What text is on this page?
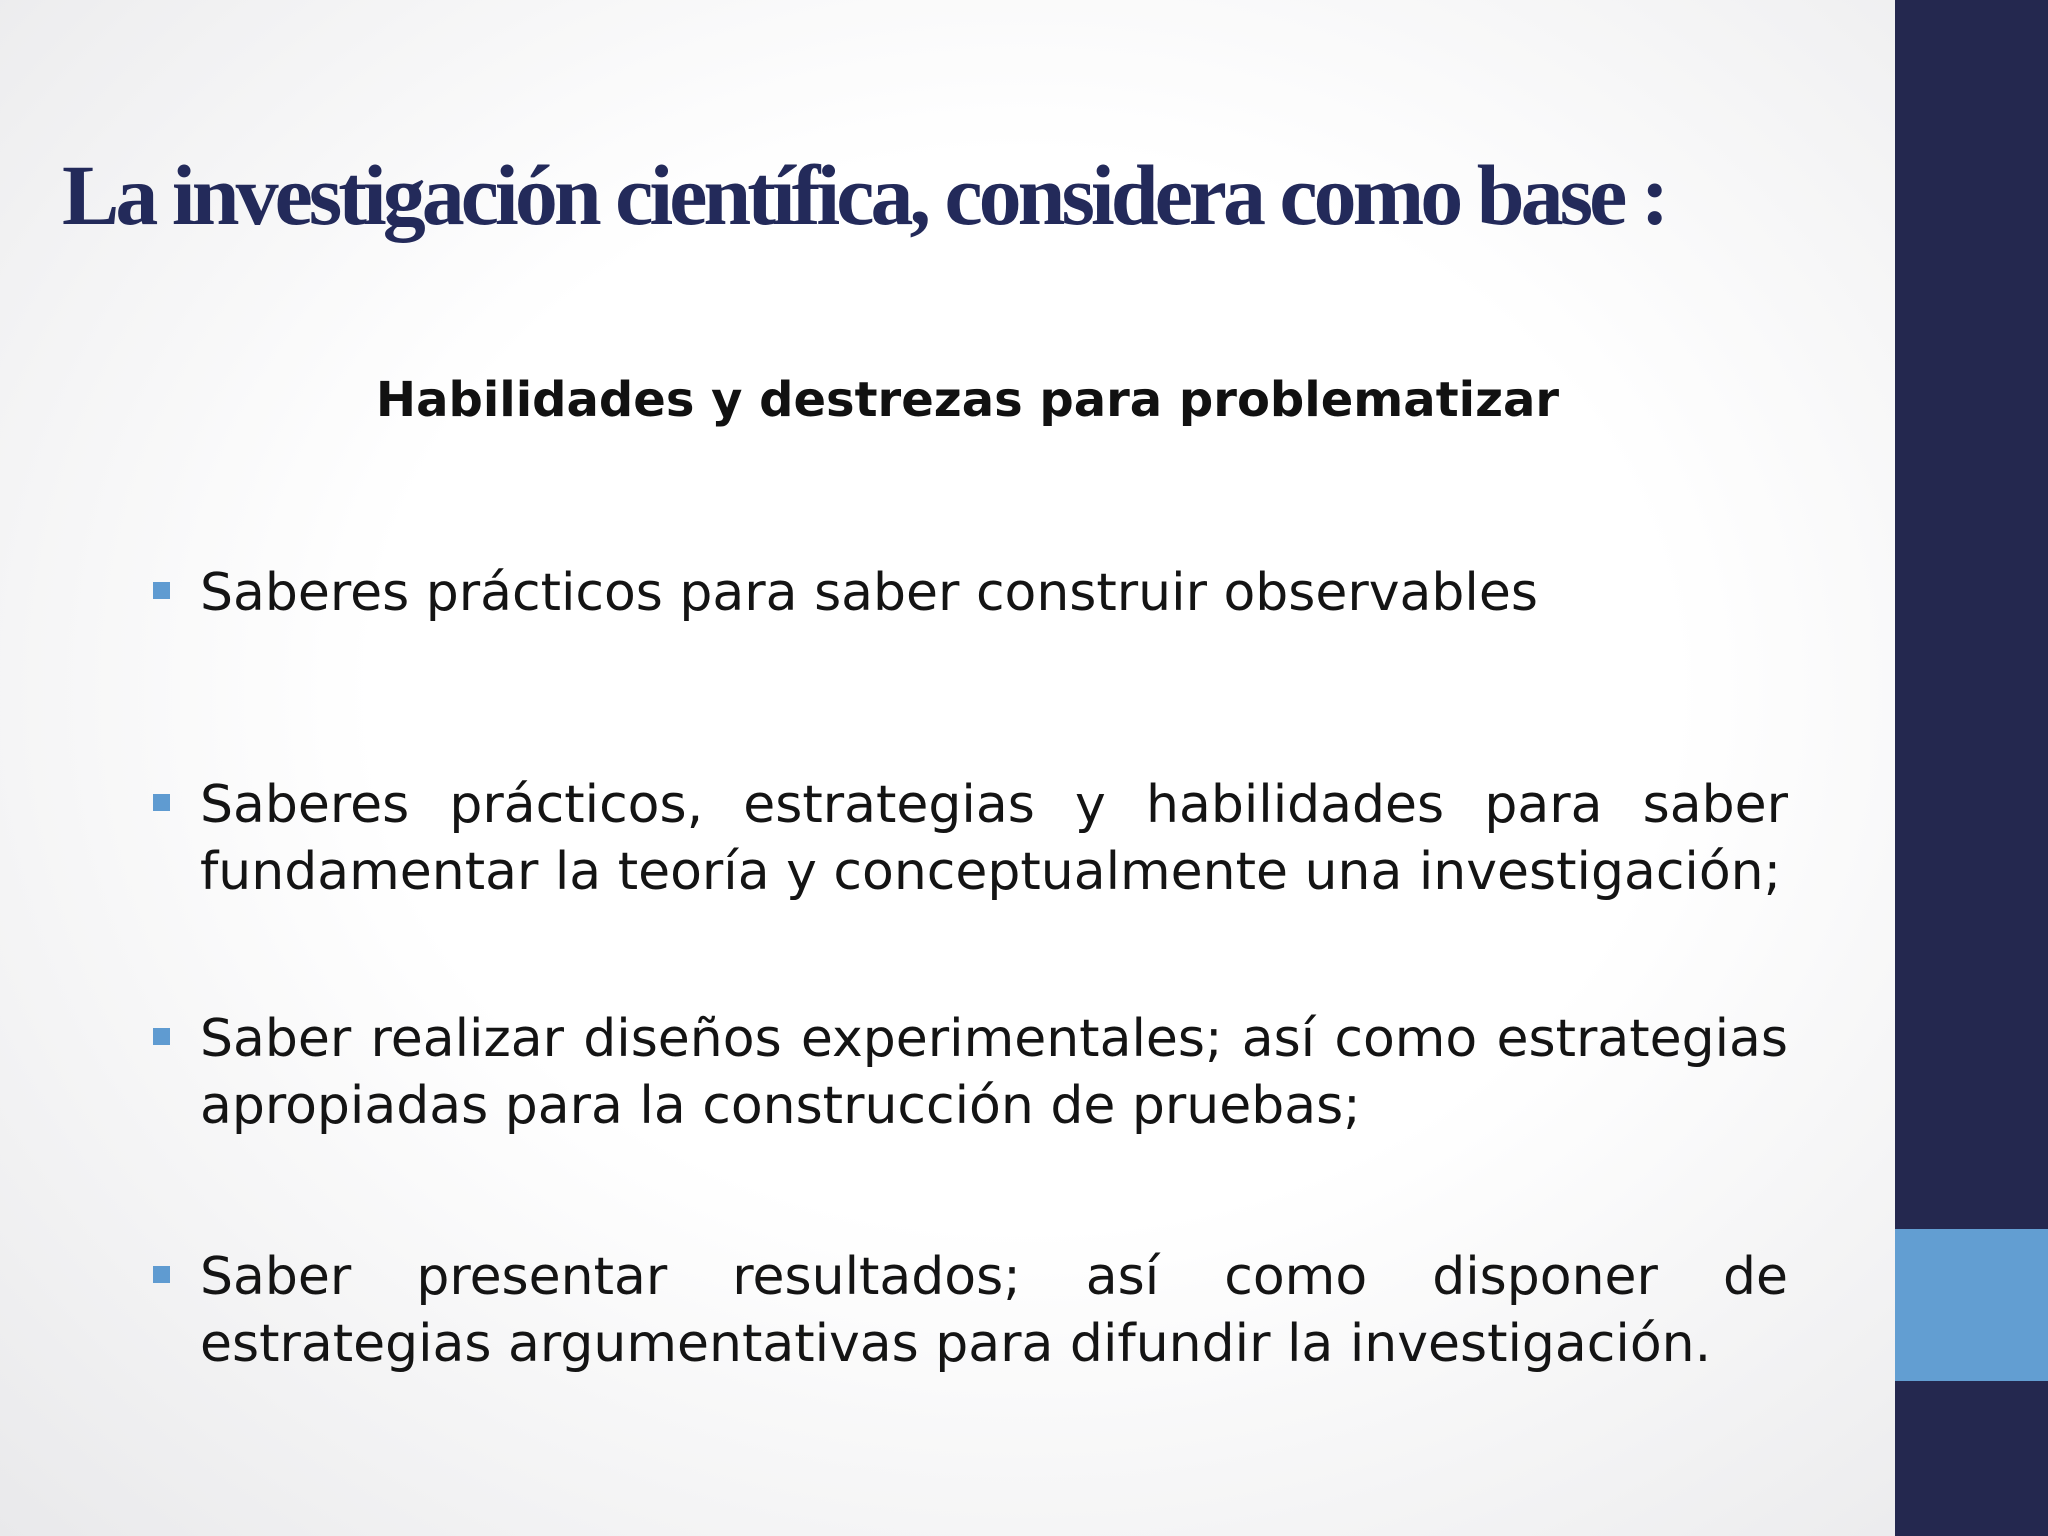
La investigación científica, considera como base :
Habilidades y destrezas para problematizar
Saberes prácticos para saber construir observables
Saberes prácticos, estrategias y habilidades para saber fundamentar la teoría y conceptualmente una investigación;
Saber realizar diseños experimentales; así como estrategias apropiadas para la construcción de pruebas;
Saber presentar resultados; así como disponer de estrategias argumentativas para difundir la investigación.
